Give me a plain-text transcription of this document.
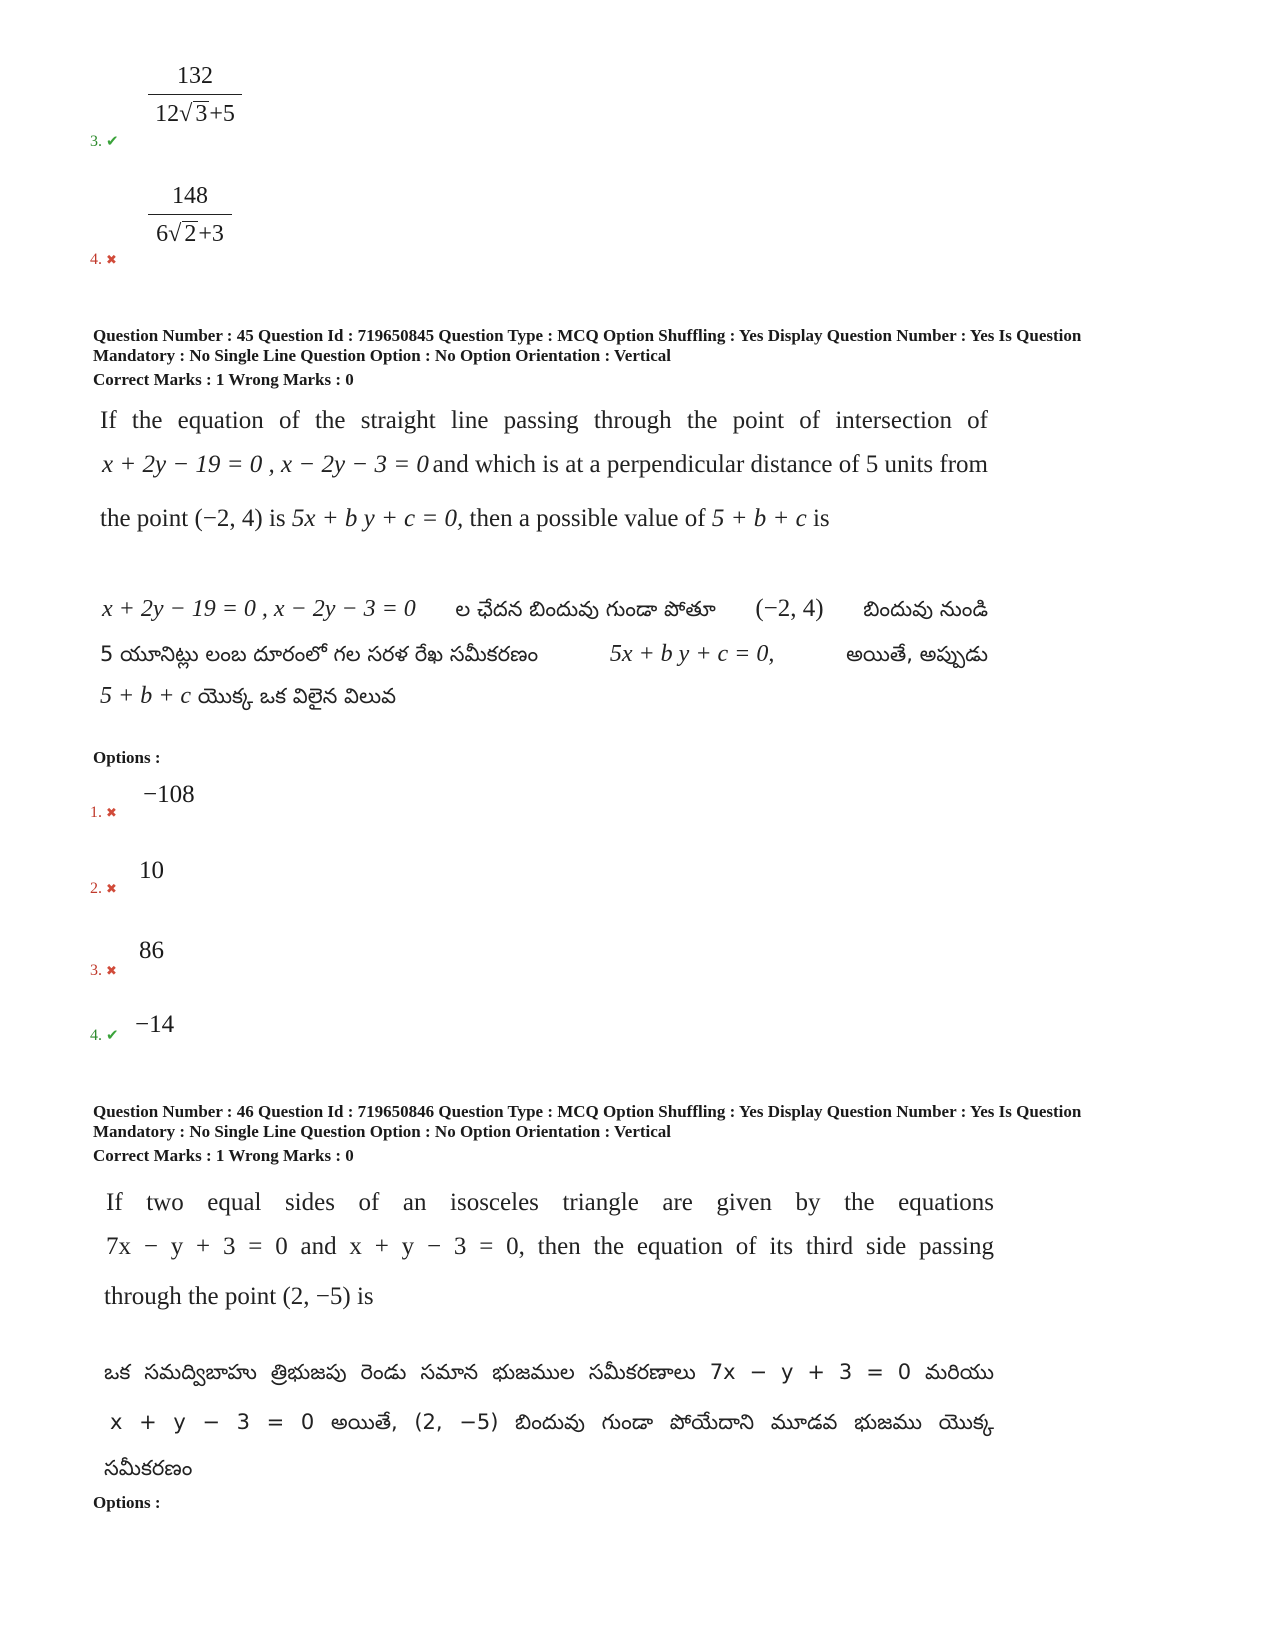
132
12√ 3+5
3. ✔
148
6√ 2+3
4. ✖
Question Number : 45 Question Id : 719650845 Question Type : MCQ Option Shuffling : Yes Display Question Number : Yes Is Question
Mandatory : No Single Line Question Option : No Option Orientation : Vertical
Correct Marks : 1 Wrong Marks : 0
If the equation of the straight line passing through the point of intersection of
x + 2y − 19 = 0 , x − 2y − 3 = 0 and which is at a perpendicular distance of 5 units from
the point (−2, 4) is 5x + b y + c = 0, then a possible value of 5 + b + c is
x + 2y − 19 = 0 , x − 2y − 3 = 0 ల ఛేదన బిందువు గుండా పోతూ (−2, 4) బిందువు నుండి
5 యూనిట్లు లంబ దూరంలో గల సరళ రేఖ సమీకరణం	5x + b y + c = 0,	అయితే, అప్పుడు
5 + b + c యొక్క ఒక విలైన విలువ
Options :
−108
1. ✖
10
2. ✖
86
3. ✖
−14
4. ✔
Question Number : 46 Question Id : 719650846 Question Type : MCQ Option Shuffling : Yes Display Question Number : Yes Is Question
Mandatory : No Single Line Question Option : No Option Orientation : Vertical
Correct Marks : 1 Wrong Marks : 0
If two equal sides of an isosceles triangle are given by the equations
7x − y + 3 = 0 and x + y − 3 = 0, then the equation of its third side passing
through the point (2, −5) is
ఒక సమద్విబాహు త్రిభుజపు రెండు సమాన భుజముల సమీకరణాలు 7x − y + 3 = 0 మరియు
x + y − 3 = 0 అయితే, (2, −5) బిందువు గుండా పోయేదాని మూడవ భుజము యొక్క
సమీకరణం
Options :
